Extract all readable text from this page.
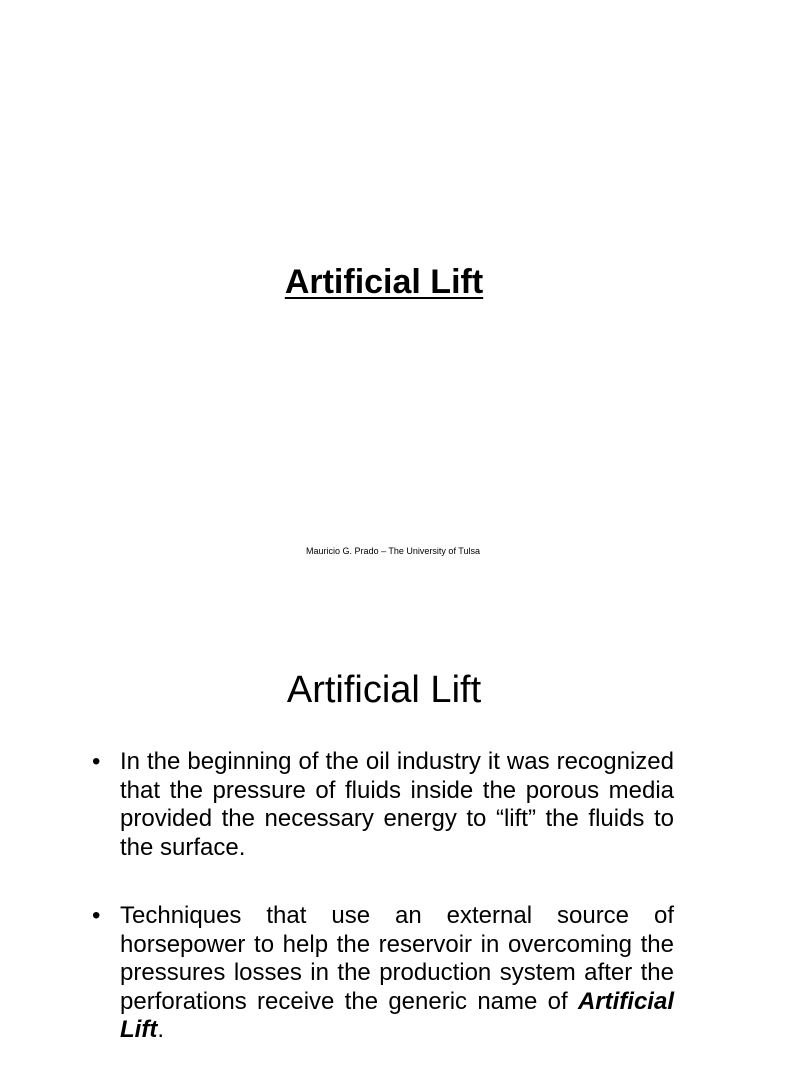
Artificial Lift
Mauricio G. Prado – The University of Tulsa
Artificial Lift
• In the beginning of the oil industry it was recognized that the pressure of fluids inside the porous media provided the necessary energy to “lift” the fluids to the surface.
• Techniques that use an external source of horsepower to help the reservoir in overcoming the pressures losses in the production system after the perforations receive the generic name of Artificial Lift.
